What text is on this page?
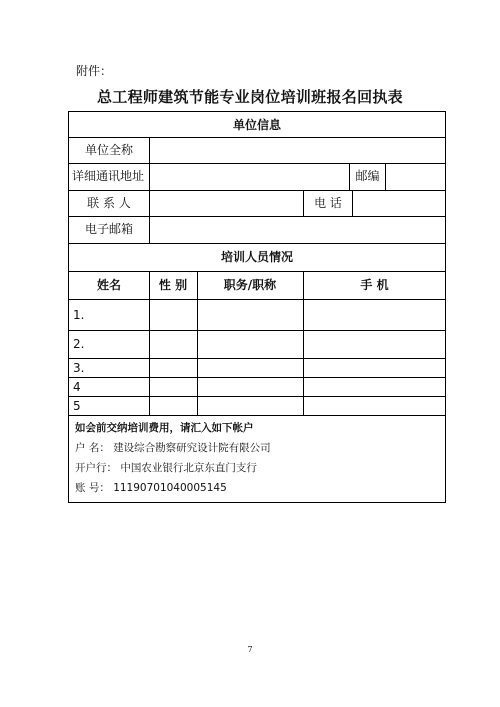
附件：
总工程师建筑节能专业岗位培训班报名回执表
单位信息
单位全称
详细通讯地址	邮编
联 系 人	电 话
电子邮箱
培训人员情况
姓名	性 别	职务/职称	手 机
1.
2.
3.
4
5
如会前交纳培训费用，请汇入如下帐户
户 名： 建设综合勘察研究设计院有限公司
开户行： 中国农业银行北京东直门支行
账 号： 11190701040005145
7
